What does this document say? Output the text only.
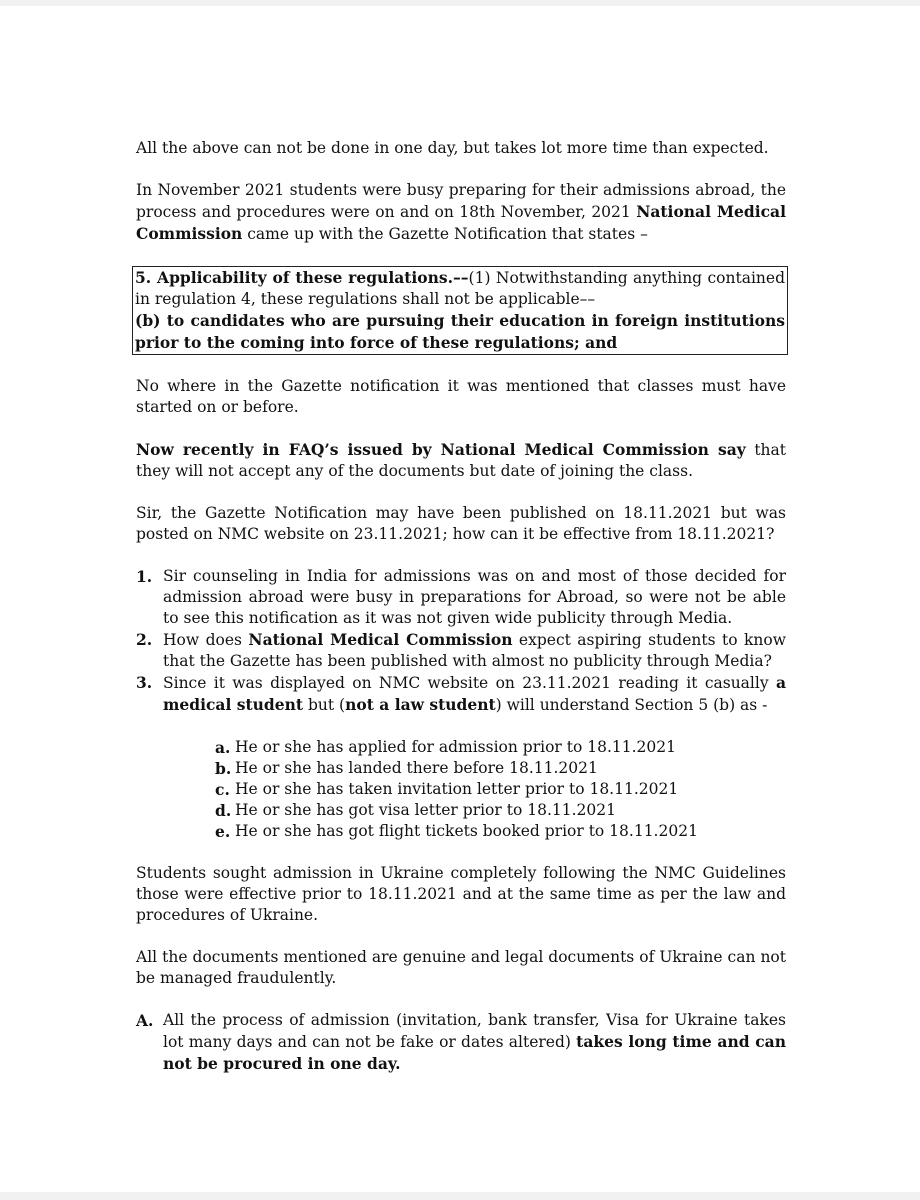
All the above can not be done in one day, but takes lot more time than expected.

In November 2021 students were busy preparing for their admissions abroad, the process and procedures were on and on 18th November, 2021 National Medical Commission came up with the Gazette Notification that states –

5. Applicability of these regulations.––(1) Notwithstanding anything contained in regulation 4, these regulations shall not be applicable––
(b) to candidates who are pursuing their education in foreign institutions prior to the coming into force of these regulations; and

No where in the Gazette notification it was mentioned that classes must have started on or before.

Now recently in FAQ’s issued by National Medical Commission say that they will not accept any of the documents but date of joining the class.

Sir, the Gazette Notification may have been published on 18.11.2021 but was posted on NMC website on 23.11.2021; how can it be effective from 18.11.2021?

1. Sir counseling in India for admissions was on and most of those decided for admission abroad were busy in preparations for Abroad, so were not be able to see this notification as it was not given wide publicity through Media.
2. How does National Medical Commission expect aspiring students to know that the Gazette has been published with almost no publicity through Media?
3. Since it was displayed on NMC website on 23.11.2021 reading it casually a medical student but (not a law student) will understand Section 5 (b) as -
a. He or she has applied for admission prior to 18.11.2021
b. He or she has landed there before 18.11.2021
c. He or she has taken invitation letter prior to 18.11.2021
d. He or she has got visa letter prior to 18.11.2021
e. He or she has got flight tickets booked prior to 18.11.2021

Students sought admission in Ukraine completely following the NMC Guidelines those were effective prior to 18.11.2021 and at the same time as per the law and procedures of Ukraine.

All the documents mentioned are genuine and legal documents of Ukraine can not be managed fraudulently.

A. All the process of admission (invitation, bank transfer, Visa for Ukraine takes lot many days and can not be fake or dates altered) takes long time and can not be procured in one day.
